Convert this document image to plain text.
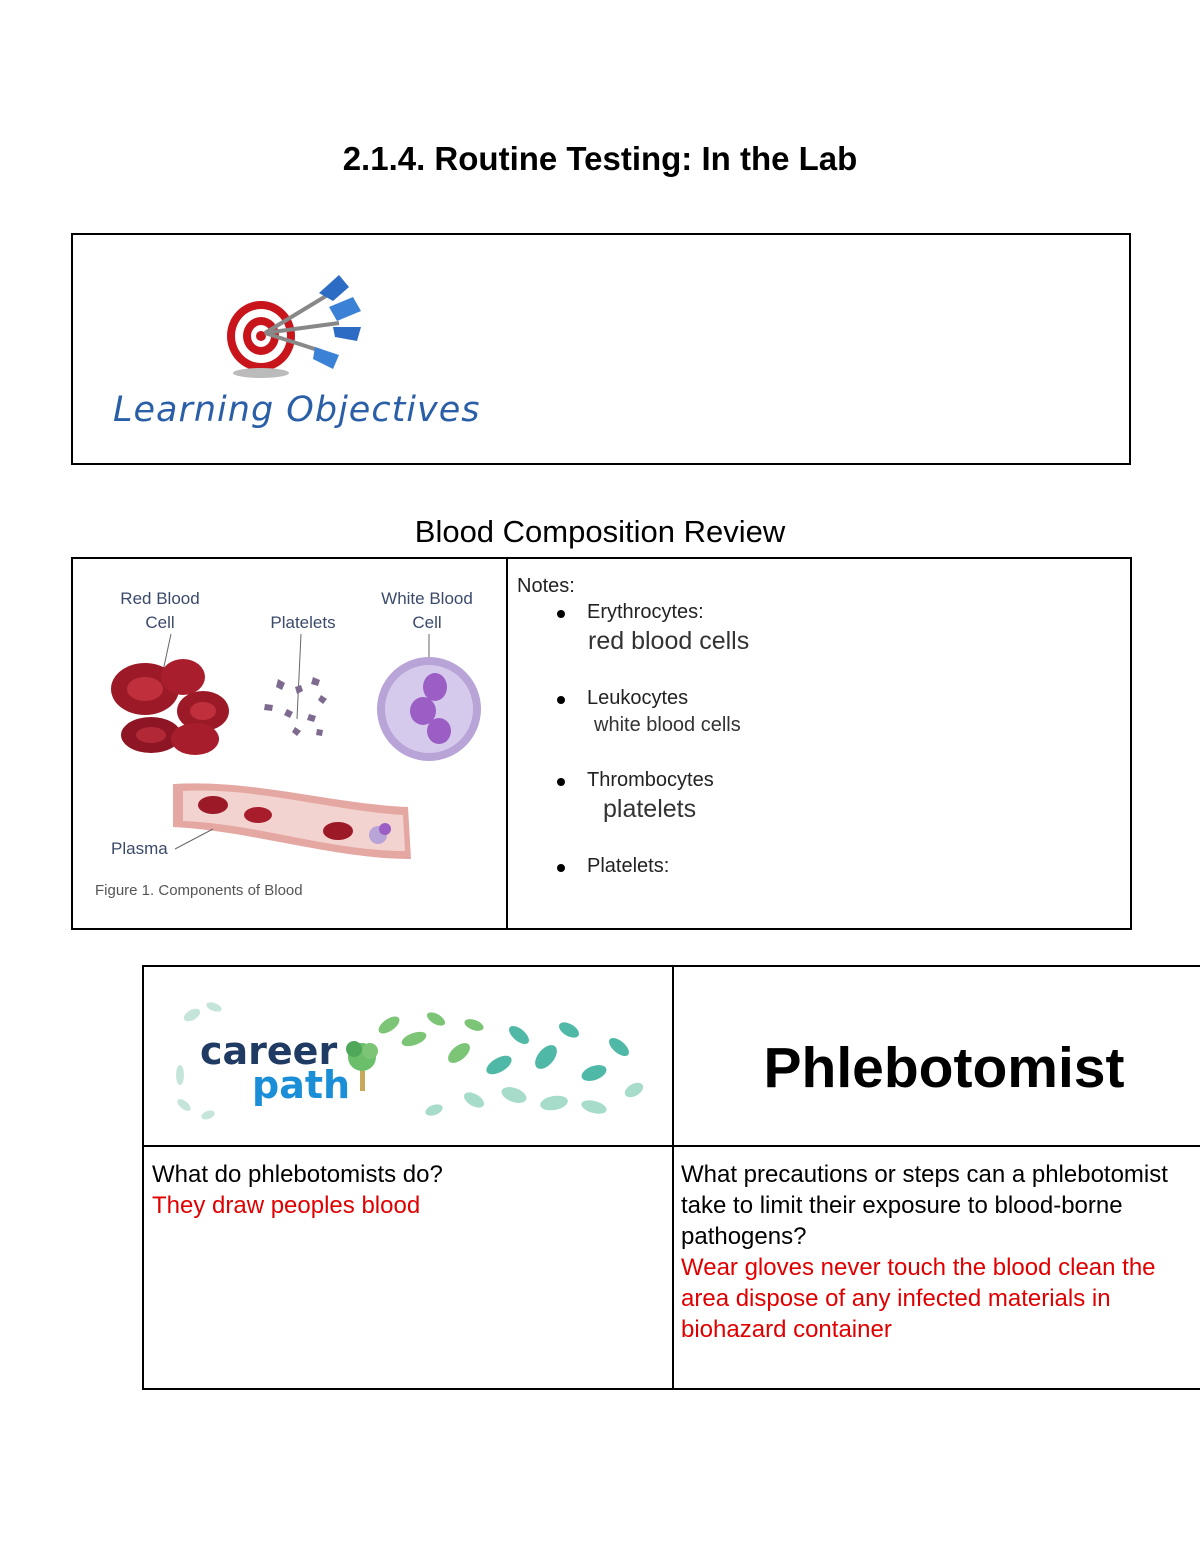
2.1.4. Routine Testing: In the Lab
Learning Objectives
Blood Composition Review
Red Blood
Cell	Platelets
White Blood
Cell
Plasma
Figure 1. Components of Blood
Notes:
Erythrocytes:
red blood cells
Leukocytes
white blood cells
Thrombocytes
platelets
Platelets:
career
path	Phlebotomist
What do phlebotomists do?
They draw peoples blood
What precautions or steps can a phlebotomist take to limit their exposure to blood-borne pathogens?
Wear gloves never touch the blood clean the area dispose of any infected materials in biohazard container
